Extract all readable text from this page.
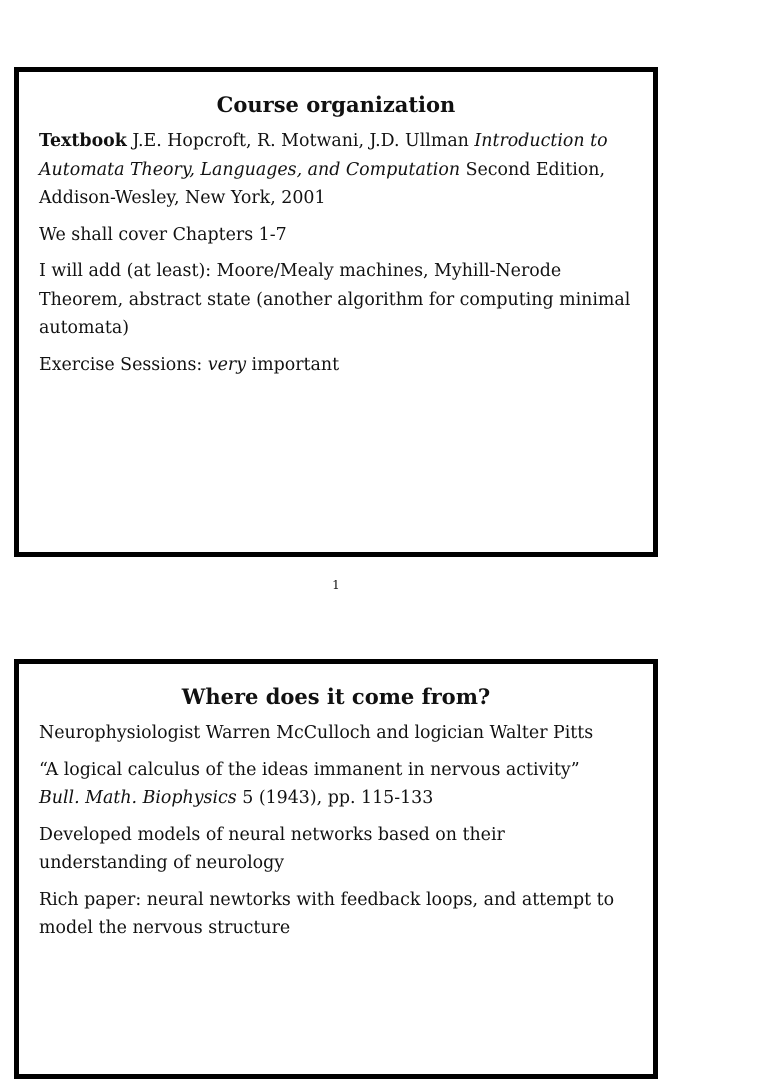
Course organization
Textbook J.E. Hopcroft, R. Motwani, J.D. Ullman Introduction to Automata Theory, Languages, and Computation Second Edition, Addison-Wesley, New York, 2001
We shall cover Chapters 1-7
I will add (at least): Moore/Mealy machines, Myhill-Nerode Theorem, abstract state (another algorithm for computing minimal automata)
Exercise Sessions: very important
1
Where does it come from?
Neurophysiologist Warren McCulloch and logician Walter Pitts
“A logical calculus of the ideas immanent in nervous activity”
Bull. Math. Biophysics 5 (1943), pp. 115-133
Developed models of neural networks based on their understanding of neurology
Rich paper: neural newtorks with feedback loops, and attempt to model the nervous structure
